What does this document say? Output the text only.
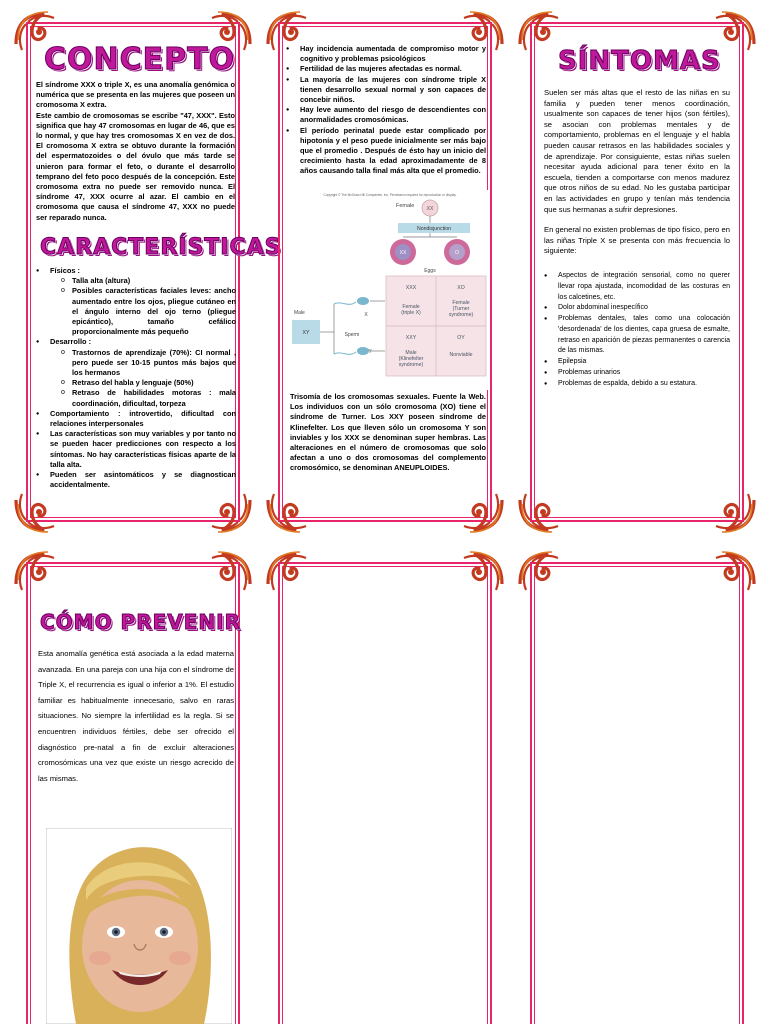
CONCEPTO

El síndrome XXX o triple X, es una anomalía genómica o numérica que se presenta en las mujeres que poseen un cromosoma X extra.

Este cambio de cromosomas se escribe "47, XXX". Esto significa que hay 47 cromosomas en lugar de 46, que es lo normal, y que hay tres cromosomas X en vez de dos. El cromosoma X extra se obtuvo durante la formación del espermatozoides o del óvulo que más tarde se unieron para formar el feto, o durante el desarrollo temprano del feto poco después de la concepción. Este cromosoma extra no puede ser removido nunca. El síndrome 47, XXX ocurre al azar. El cambio en el cromosoma que causa el síndrome 47, XXX no puede ser reparado nunca.

CARACTERÍSTICAS
● Físicos :
o Talla alta (altura)
o Posibles características faciales leves: ancho aumentado entre los ojos, pliegue cutáneo en el ángulo interno del ojo terno (pliegue epicántico), tamaño cefálico proporcionalmente más pequeño
● Desarrollo :
o Trastornos de aprendizaje (70%): CI normal , pero puede ser 10-15 puntos más bajos que los hermanos
o Retraso del habla y lenguaje (50%)
o Retraso de habilidades motoras : mala coordinación, dificultad, torpeza
● Comportamiento : introvertido, dificultad con relaciones interpersonales
● Las características son muy variables y por tanto no se pueden hacer predicciones con respecto a los síntomas. No hay características físicas aparte de la talla alta.
● Pueden ser asintomáticos y se diagnostican accidentalmente.
● Hay incidencia aumentada de compromiso motor y cognitivo y problemas psicológicos
● Fertilidad de las mujeres afectadas es normal.
● La mayoría de las mujeres con síndrome triple X tienen desarrollo sexual normal y son capaces de concebir niños.
● Hay leve aumento del riesgo de descendientes con anormalidades cromosómicas.
● El período perinatal puede estar complicado por hipotonía y el peso puede inicialmente ser más bajo que el promedio . Después de ésto hay un inicio del crecimiento hasta la edad aproximadamente de 8 años causando talla final más alta que el promedio.
Copyright © The McGraw-Hill Companies, Inc. Permission required for reproduction or display.
Female XX
Nondisjunction
XX	O
Eggs
XXX
Female
(triple X)
XO
Female
(Turner
syndrome)
XXY
Male
(Klinefelter
syndrome)
OY
Nonviable
Male
XY
X
Sperm
Y

Trisomía de los cromosomas sexuales. Fuente la Web. Los individuos con un sólo cromosoma (XO) tiene el síndrome de Turner. Los XXY poseen síndrome de Klinefelter. Los que lleven sólo un cromosoma Y son inviables y los XXX se denominan super hembras. Las alteraciones en el número de cromosomas que solo afectan a uno o dos cromosomas del complemento cromosómico, se denominan ANEUPLOIDES.

SÍNTOMAS

Suelen ser más altas que el resto de las niñas en su familia y pueden tener menos coordinación, usualmente son capaces de tener hijos (son fértiles), se asocian con problemas mentales y de comportamiento, problemas en el lenguaje y el habla pueden causar retrasos en las habilidades sociales y de aprendizaje. Por consiguiente, estas niñas suelen necesitar ayuda adicional para tener éxito en la escuela, tienden a comportarse con menos madurez que otros niños de su edad. No les gustaba participar en las actividades en grupo y tenían más tendencia que sus hermanas a sufrir depresiones.

En general no existen problemas de tipo físico, pero en las niñas Triple X se presenta con más frecuencia lo siguiente:

● Aspectos de integración sensorial, como no querer llevar ropa ajustada, incomodidad de las costuras en los calcetines, etc.
● Dolor abdominal inespecífico
● Problemas dentales, tales como una colocación 'desordenada' de los dientes, capa gruesa de esmalte, retraso en aparición de piezas permanentes o carencia de las mismas.
● Epilepsia
● Problemas urinarios
● Problemas de espalda, debido a su estatura.
CÓMO PREVENIR

Esta anomalía genética está asociada a la edad materna avanzada. En una pareja con una hija con el síndrome de Triple X, el recurrencia es igual o inferior a 1%. El estudio familiar es habitualmente innecesario, salvo en raras situaciones. No siempre la infertilidad es la regla. Si se encuentren individuos fértiles, debe ser ofrecido el diagnóstico pre-natal a fin de excluir alteraciones cromosómicas una vez que existe un riesgo acrecido de las mismas.
